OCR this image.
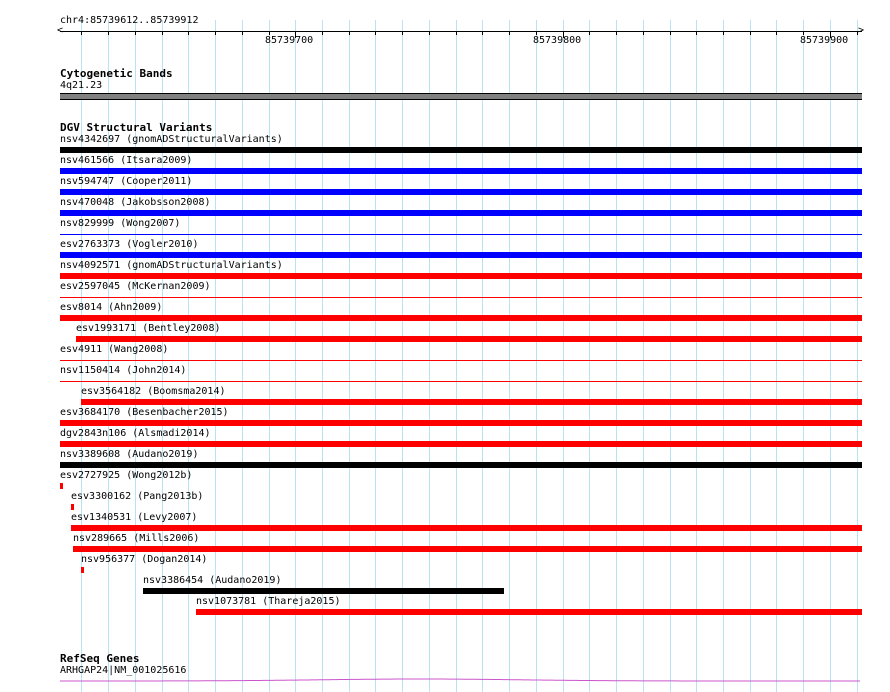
chr4:85739612..85739912
<	>
85739700	85739800	85739900
Cytogenetic Bands
4q21.23
DGV Structural Variants
nsv4342697 (gnomADStructuralVariants)
nsv461566 (Itsara2009)
nsv594747 (Cooper2011)
nsv470048 (Jakobsson2008)
nsv829999 (Wong2007)
esv2763373 (Vogler2010)
nsv4092571 (gnomADStructuralVariants)
esv2597045 (McKernan2009)
esv8014 (Ahn2009)
esv1993171 (Bentley2008)
esv4911 (Wang2008)
nsv1150414 (John2014)
esv3564182 (Boomsma2014)
esv3684170 (Besenbacher2015)
dgv2843n106 (Alsmadi2014)
nsv3389608 (Audano2019)
esv2727925 (Wong2012b)
esv3300162 (Pang2013b)
esv1340531 (Levy2007)
nsv289665 (Mills2006)
nsv956377 (Dogan2014)
nsv3386454 (Audano2019)
nsv1073781 (Thareja2015)
RefSeq Genes
ARHGAP24|NM_001025616
